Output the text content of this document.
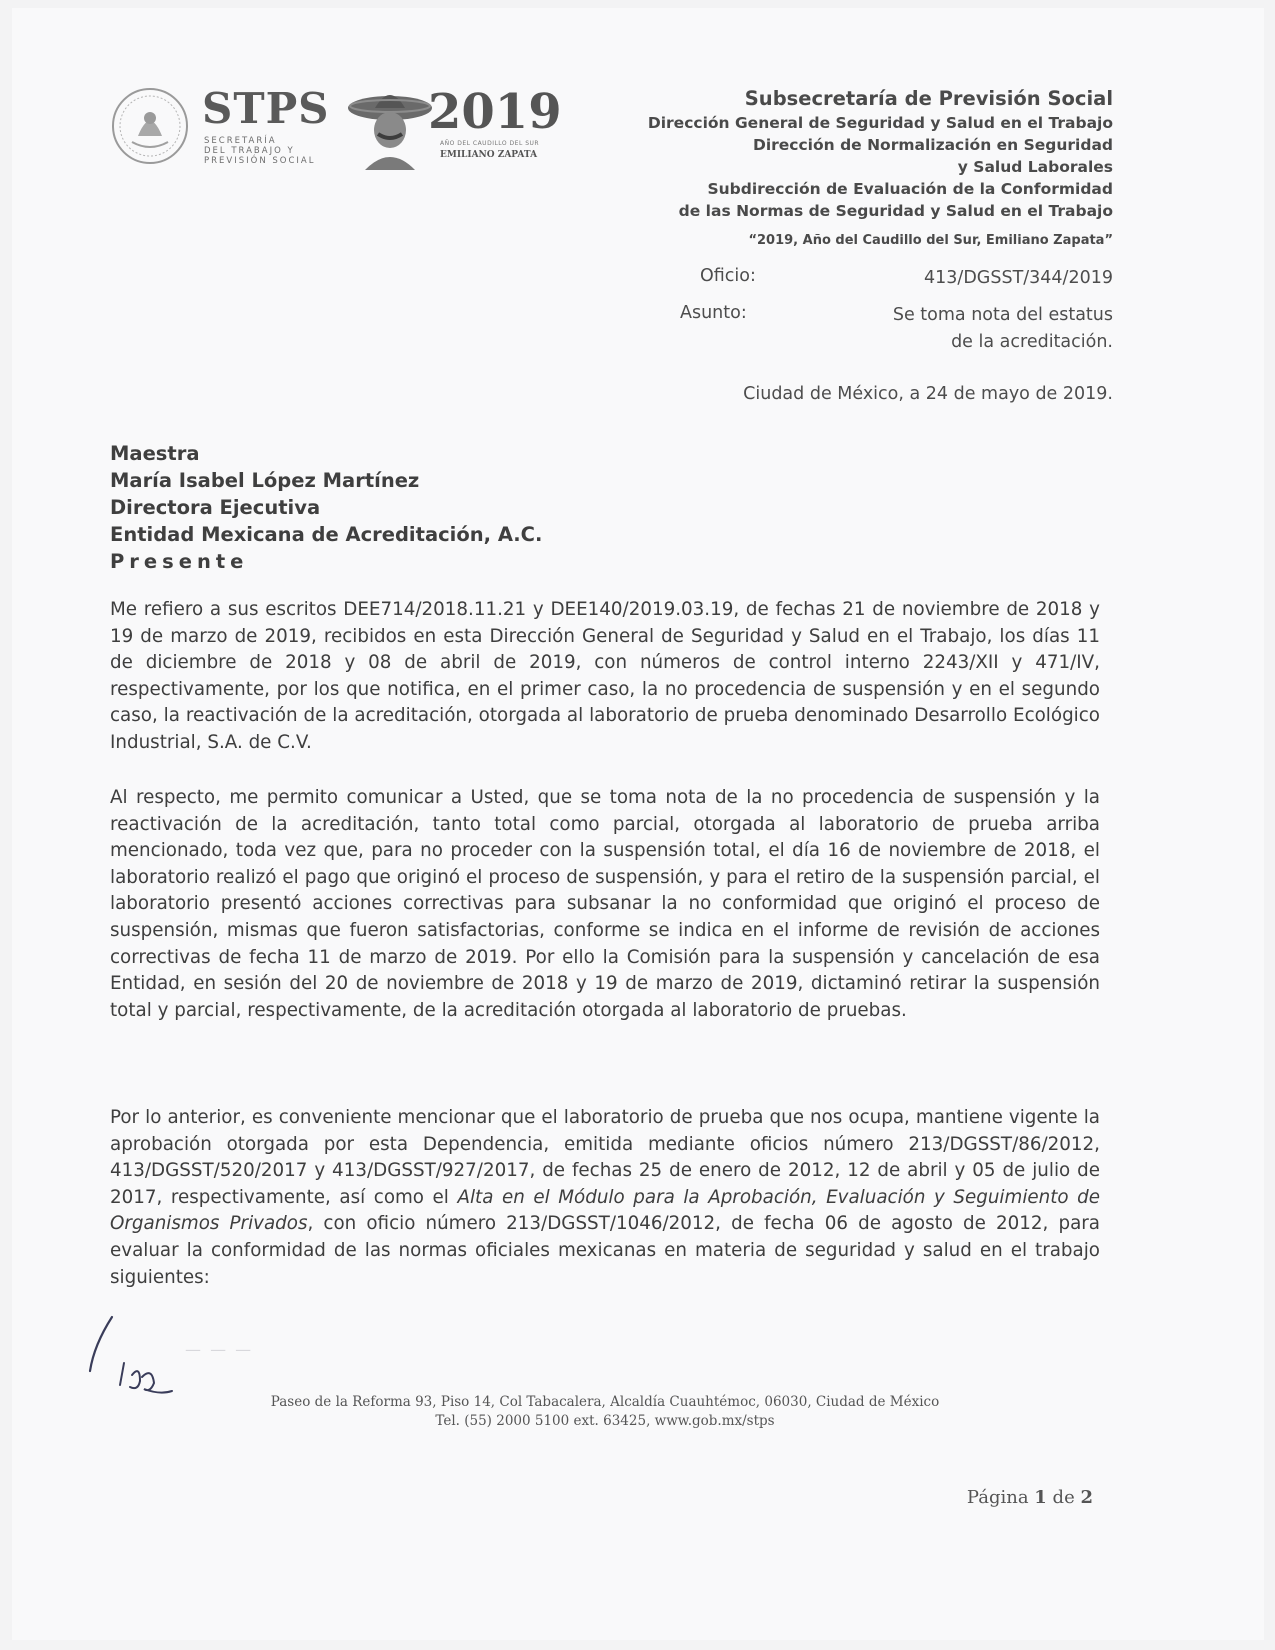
STPS
SECRETARÍA
DEL TRABAJO Y
PREVISIÓN SOCIAL
2019
AÑO DEL CAUDILLO DEL SUR
EMILIANO ZAPATA
Subsecretaría de Previsión Social
Dirección General de Seguridad y Salud en el Trabajo
Dirección de Normalización en Seguridad
y Salud Laborales
Subdirección de Evaluación de la Conformidad
de las Normas de Seguridad y Salud en el Trabajo
“2019, Año del Caudillo del Sur, Emiliano Zapata”
Oficio:	413/DGSST/344/2019
Asunto:	Se toma nota del estatus
de la acreditación.
Ciudad de México, a 24 de mayo de 2019.
Maestra
María Isabel López Martínez
Directora Ejecutiva
Entidad Mexicana de Acreditación, A.C.
Presente
Me refiero a sus escritos DEE714/2018.11.21 y DEE140/2019.03.19, de fechas 21 de noviembre de 2018 y 19 de marzo de 2019, recibidos en esta Dirección General de Seguridad y Salud en el Trabajo, los días 11 de diciembre de 2018 y 08 de abril de 2019, con números de control interno 2243/XII y 471/IV, respectivamente, por los que notifica, en el primer caso, la no procedencia de suspensión y en el segundo caso, la reactivación de la acreditación, otorgada al laboratorio de prueba denominado Desarrollo Ecológico Industrial, S.A. de C.V.
Al respecto, me permito comunicar a Usted, que se toma nota de la no procedencia de suspensión y la reactivación de la acreditación, tanto total como parcial, otorgada al laboratorio de prueba arriba mencionado, toda vez que, para no proceder con la suspensión total, el día 16 de noviembre de 2018, el laboratorio realizó el pago que originó el proceso de suspensión, y para el retiro de la suspensión parcial, el laboratorio presentó acciones correctivas para subsanar la no conformidad que originó el proceso de suspensión, mismas que fueron satisfactorias, conforme se indica en el informe de revisión de acciones correctivas de fecha 11 de marzo de 2019. Por ello la Comisión para la suspensión y cancelación de esa Entidad, en sesión del 20 de noviembre de 2018 y 19 de marzo de 2019, dictaminó retirar la suspensión total y parcial, respectivamente, de la acreditación otorgada al laboratorio de pruebas.
Por lo anterior, es conveniente mencionar que el laboratorio de prueba que nos ocupa, mantiene vigente la aprobación otorgada por esta Dependencia, emitida mediante oficios número 213/DGSST/86/2012, 413/DGSST/520/2017 y 413/DGSST/927/2017, de fechas 25 de enero de 2012, 12 de abril y 05 de julio de 2017, respectivamente, así como el Alta en el Módulo para la Aprobación, Evaluación y Seguimiento de Organismos Privados, con oficio número 213/DGSST/1046/2012, de fecha 06 de agosto de 2012, para evaluar la conformidad de las normas oficiales mexicanas en materia de seguridad y salud en el trabajo siguientes:
— — —
Paseo de la Reforma 93, Piso 14, Col Tabacalera, Alcaldía Cuauhtémoc, 06030, Ciudad de México
Tel. (55) 2000 5100 ext. 63425, www.gob.mx/stps
Página 1 de 2
